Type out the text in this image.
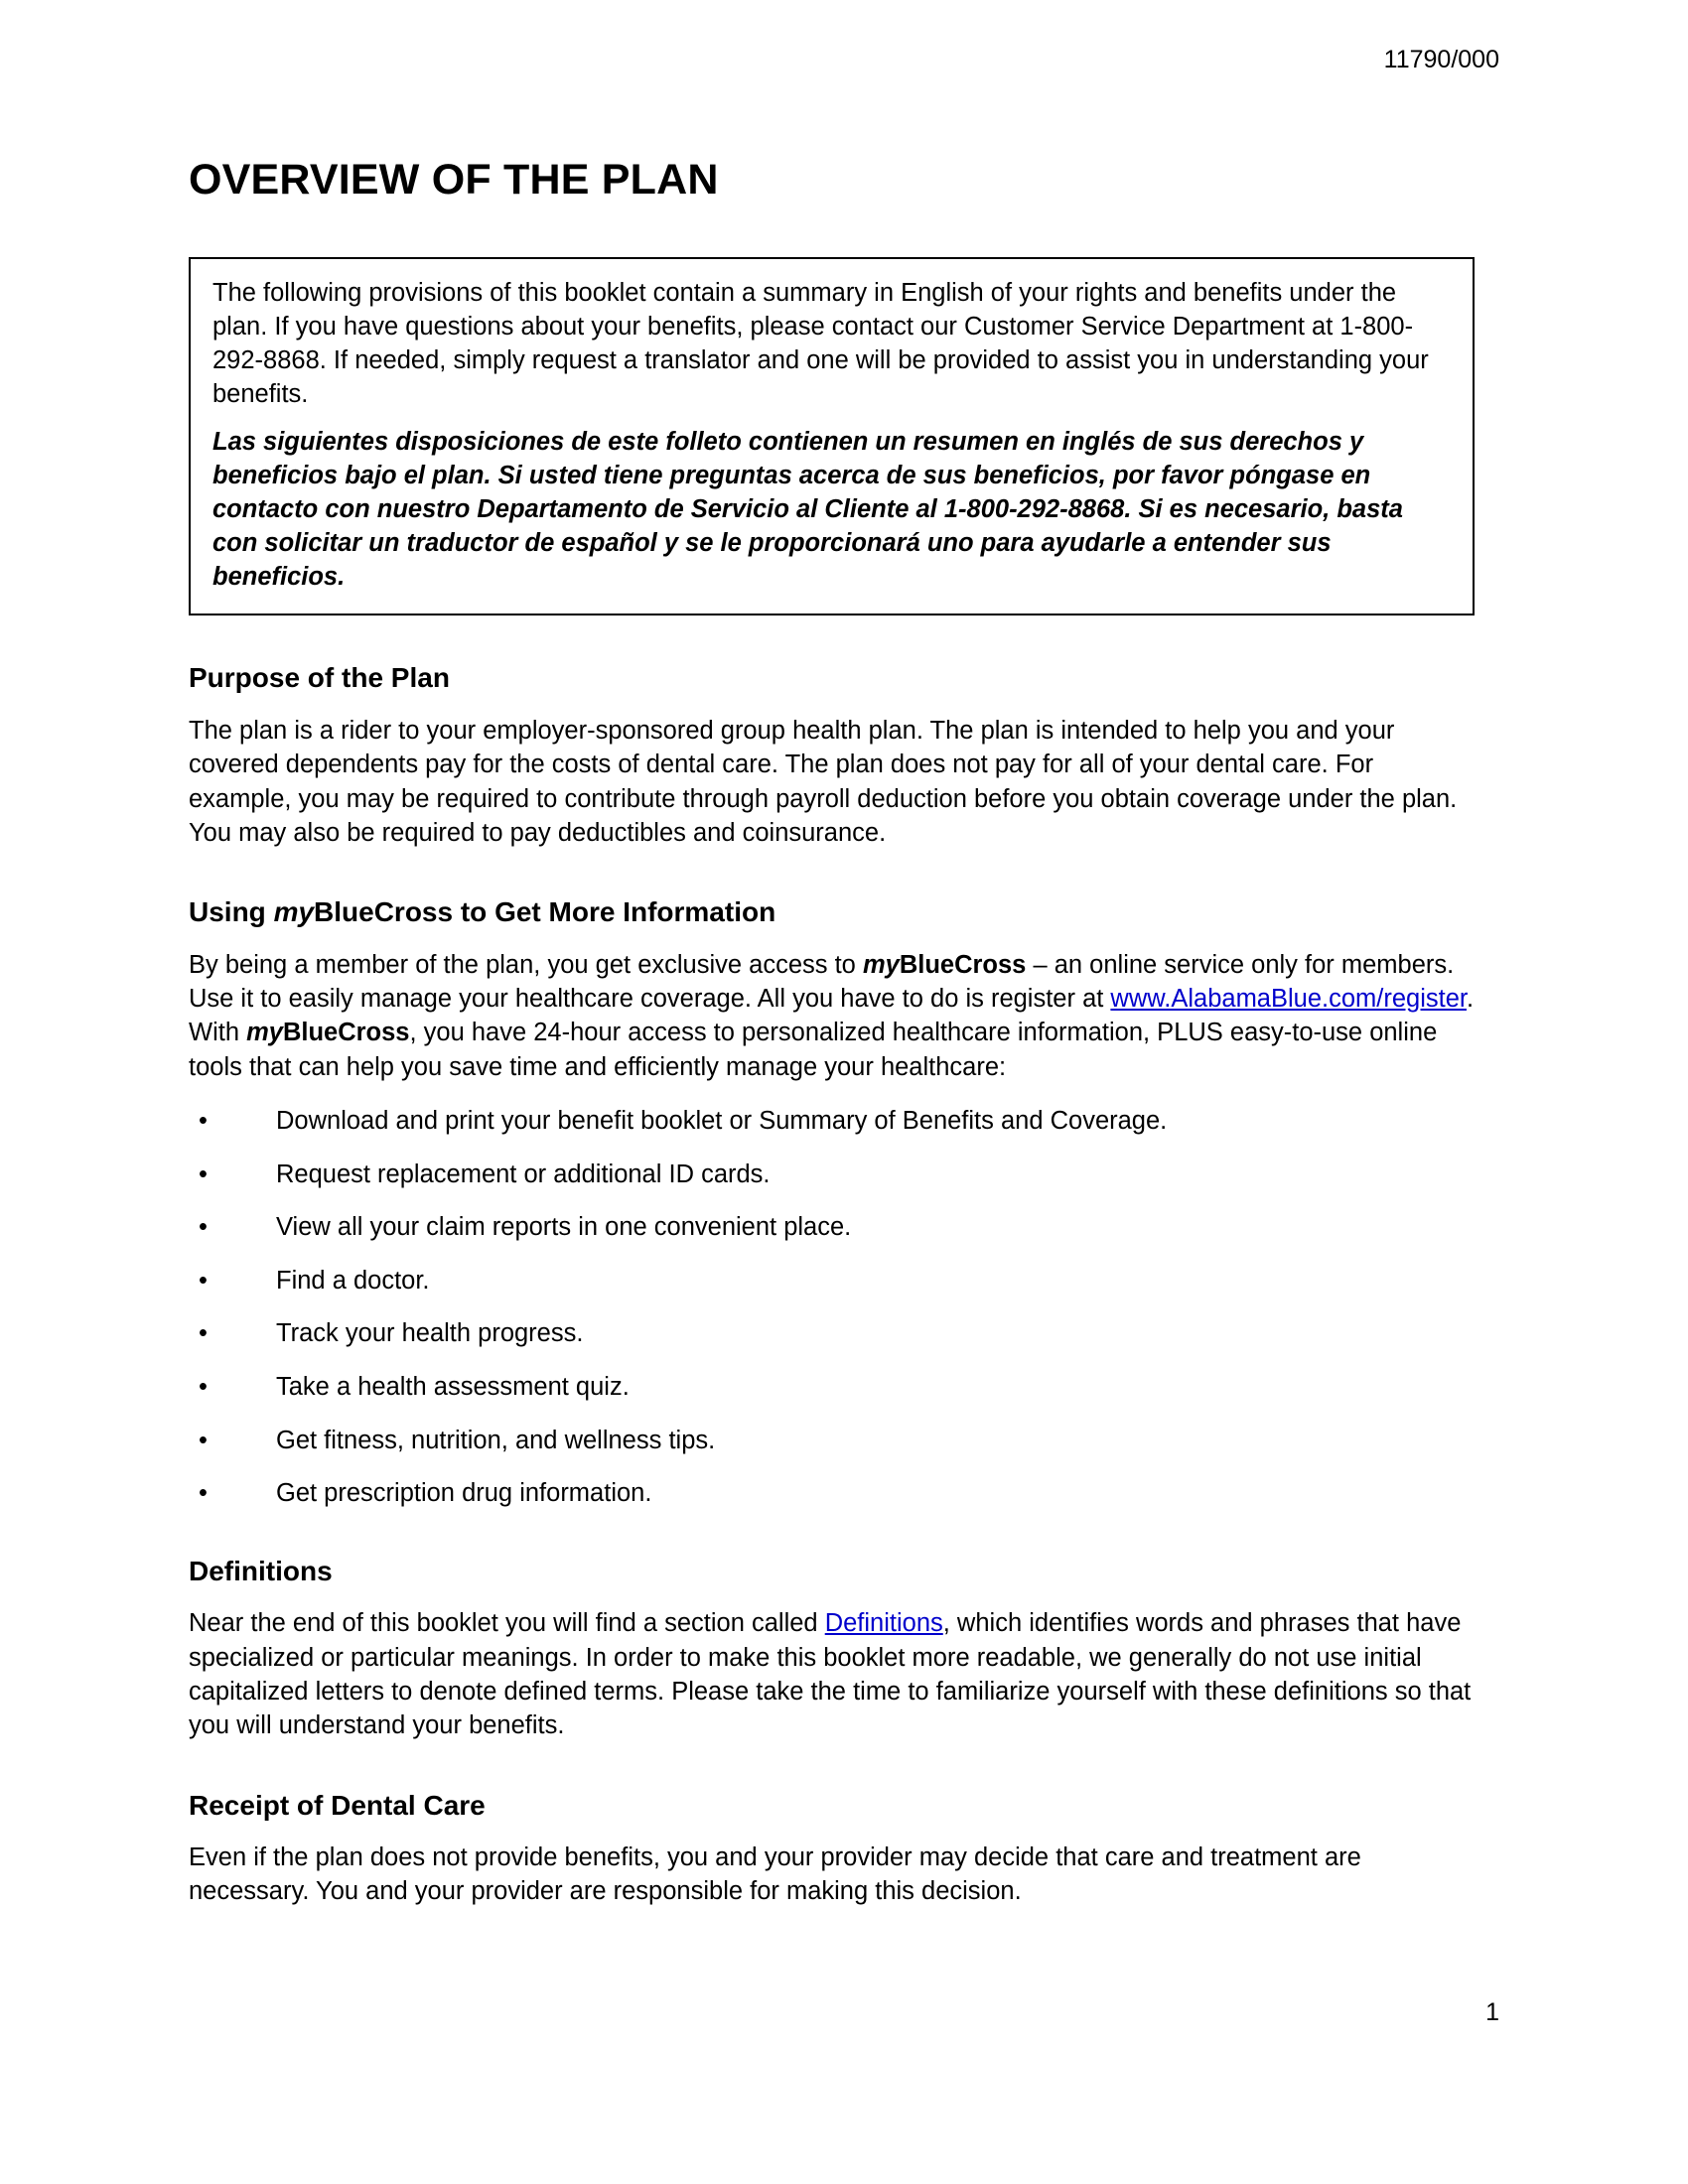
11790/000
OVERVIEW OF THE PLAN

The following provisions of this booklet contain a summary in English of your rights and benefits under the plan. If you have questions about your benefits, please contact our Customer Service Department at 1-800-292-8868. If needed, simply request a translator and one will be provided to assist you in understanding your benefits.

Las siguientes disposiciones de este folleto contienen un resumen en inglés de sus derechos y beneficios bajo el plan. Si usted tiene preguntas acerca de sus beneficios, por favor póngase en contacto con nuestro Departamento de Servicio al Cliente al 1-800-292-8868. Si es necesario, basta con solicitar un traductor de español y se le proporcionará uno para ayudarle a entender sus beneficios.

Purpose of the Plan

The plan is a rider to your employer-sponsored group health plan. The plan is intended to help you and your covered dependents pay for the costs of dental care. The plan does not pay for all of your dental care. For example, you may be required to contribute through payroll deduction before you obtain coverage under the plan. You may also be required to pay deductibles and coinsurance.

Using myBlueCross to Get More Information

By being a member of the plan, you get exclusive access to myBlueCross – an online service only for members. Use it to easily manage your healthcare coverage. All you have to do is register at www.AlabamaBlue.com/register. With myBlueCross, you have 24-hour access to personalized healthcare information, PLUS easy-to-use online tools that can help you save time and efficiently manage your healthcare:

•	Download and print your benefit booklet or Summary of Benefits and Coverage.
•	Request replacement or additional ID cards.
•	View all your claim reports in one convenient place.
•	Find a doctor.
•	Track your health progress.
•	Take a health assessment quiz.
•	Get fitness, nutrition, and wellness tips.
•	Get prescription drug information.
Definitions

Near the end of this booklet you will find a section called Definitions, which identifies words and phrases that have specialized or particular meanings. In order to make this booklet more readable, we generally do not use initial capitalized letters to denote defined terms. Please take the time to familiarize yourself with these definitions so that you will understand your benefits.

Receipt of Dental Care

Even if the plan does not provide benefits, you and your provider may decide that care and treatment are necessary. You and your provider are responsible for making this decision.

1
